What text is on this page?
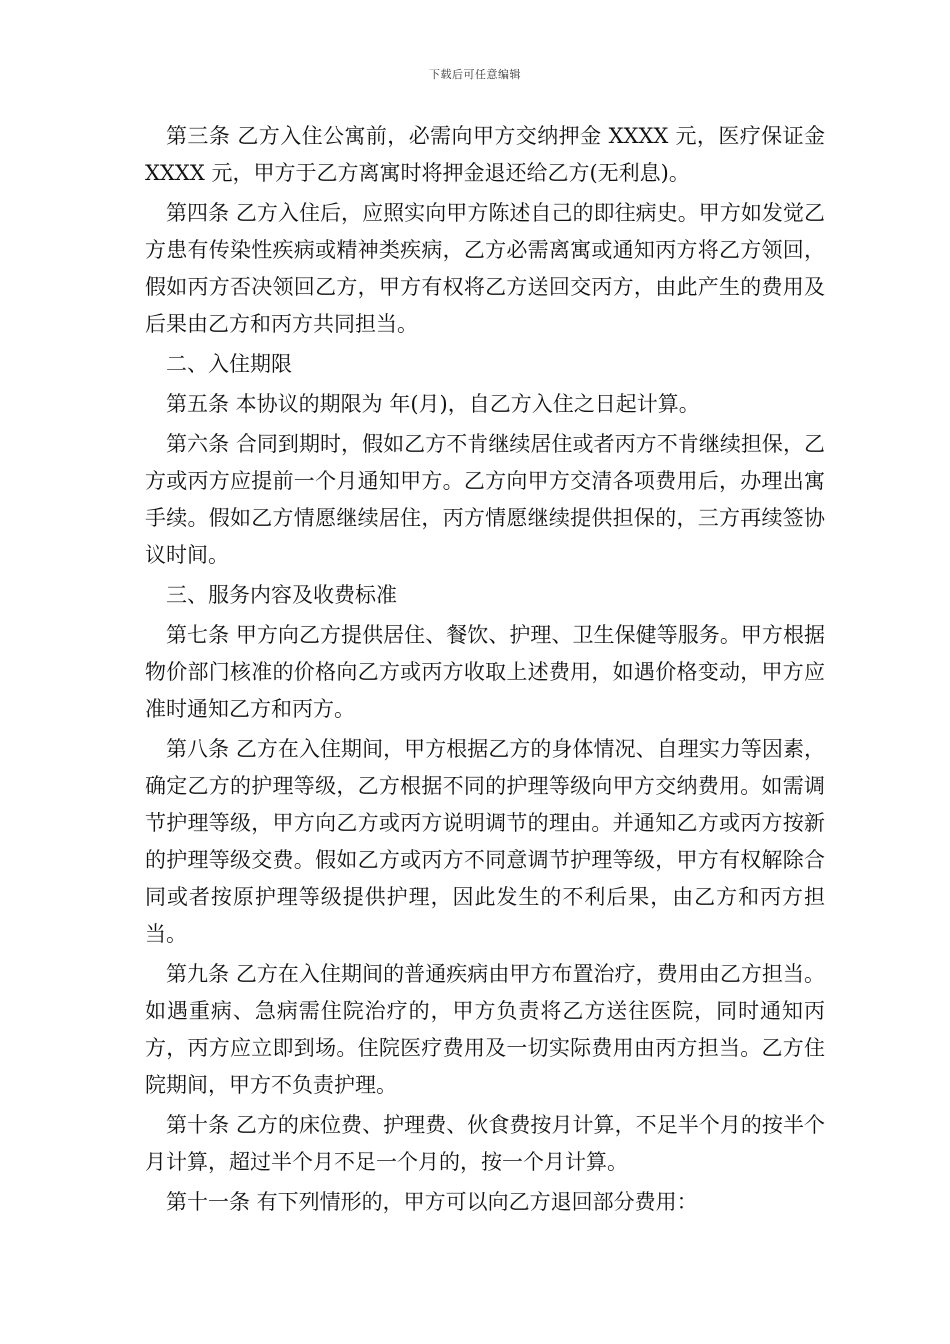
下载后可任意编辑

第三条 乙方入住公寓前，必需向甲方交纳押金 XXXX 元，医疗保证金 XXXX 元，甲方于乙方离寓时将押金退还给乙方(无利息)。

第四条 乙方入住后，应照实向甲方陈述自己的即往病史。甲方如发觉乙方患有传染性疾病或精神类疾病，乙方必需离寓或通知丙方将乙方领回，假如丙方否决领回乙方，甲方有权将乙方送回交丙方，由此产生的费用及后果由乙方和丙方共同担当。

二、入住期限

第五条 本协议的期限为 年(月)，自乙方入住之日起计算。

第六条 合同到期时，假如乙方不肯继续居住或者丙方不肯继续担保，乙方或丙方应提前一个月通知甲方。乙方向甲方交清各项费用后，办理出寓手续。假如乙方情愿继续居住，丙方情愿继续提供担保的，三方再续签协议时间。

三、服务内容及收费标准

第七条 甲方向乙方提供居住、餐饮、护理、卫生保健等服务。甲方根据物价部门核准的价格向乙方或丙方收取上述费用，如遇价格变动，甲方应准时通知乙方和丙方。

第八条 乙方在入住期间，甲方根据乙方的身体情况、自理实力等因素，确定乙方的护理等级，乙方根据不同的护理等级向甲方交纳费用。如需调节护理等级，甲方向乙方或丙方说明调节的理由。并通知乙方或丙方按新的护理等级交费。假如乙方或丙方不同意调节护理等级，甲方有权解除合同或者按原护理等级提供护理，因此发生的不利后果，由乙方和丙方担当。

第九条 乙方在入住期间的普通疾病由甲方布置治疗，费用由乙方担当。如遇重病、急病需住院治疗的，甲方负责将乙方送往医院，同时通知丙方，丙方应立即到场。住院医疗费用及一切实际费用由丙方担当。乙方住院期间，甲方不负责护理。

第十条 乙方的床位费、护理费、伙食费按月计算，不足半个月的按半个月计算，超过半个月不足一个月的，按一个月计算。

第十一条 有下列情形的，甲方可以向乙方退回部分费用：
